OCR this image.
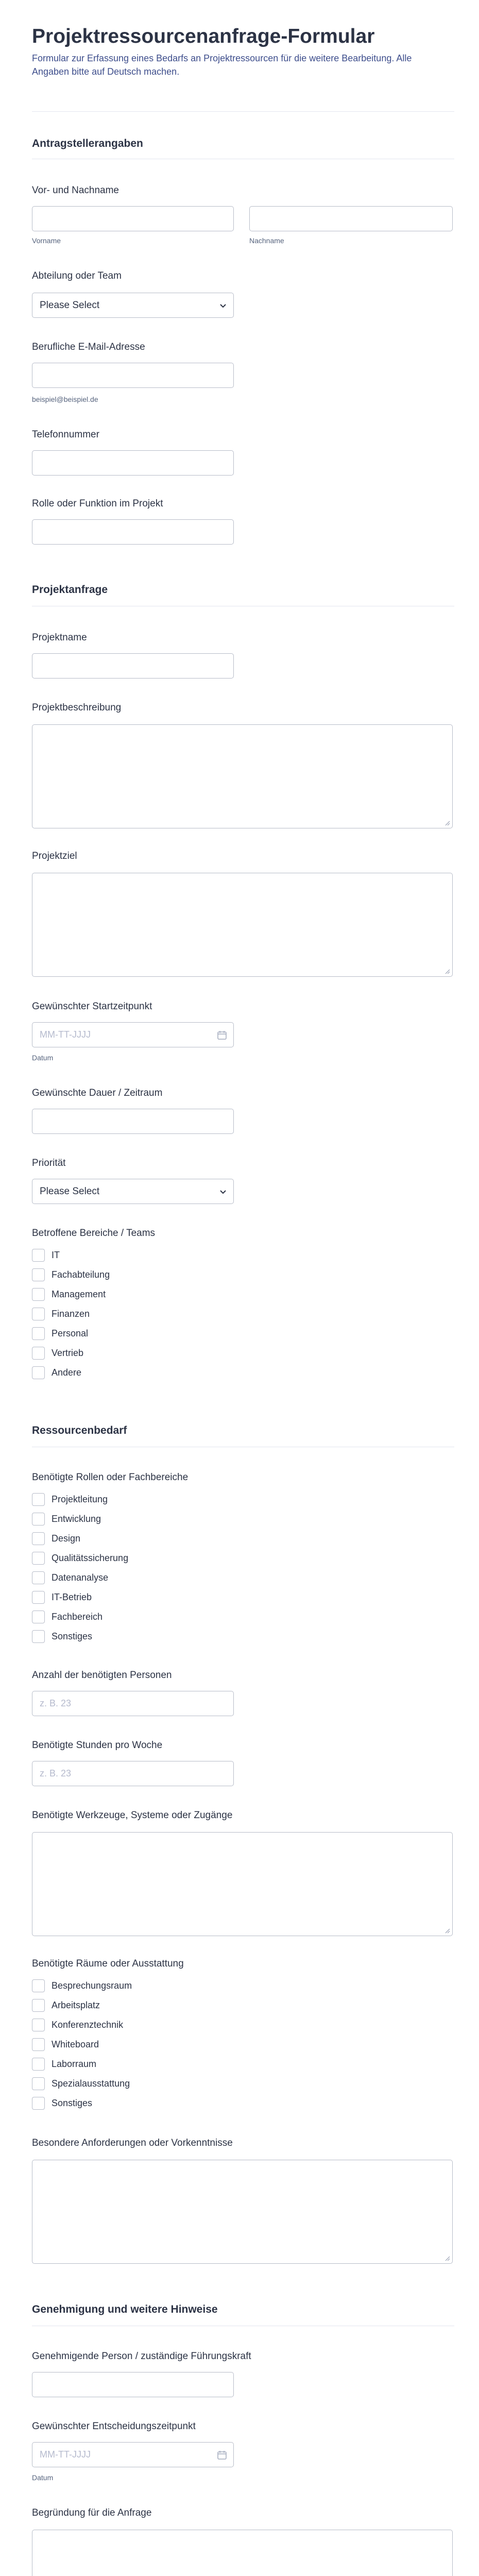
Projektressourcenanfrage-Formular
Formular zur Erfassung eines Bedarfs an Projektressourcen für die weitere Bearbeitung. Alle Angaben bitte auf Deutsch machen.
Antragstellerangaben
Vor- und Nachname
Vorname	Nachname
Abteilung oder Team
Please Select
Berufliche E-Mail-Adresse
beispiel@beispiel.de
Telefonnummer
Rolle oder Funktion im Projekt
Projektanfrage
Projektname
Projektbeschreibung
Projektziel
Gewünschter Startzeitpunkt
MM-TT-JJJJ
Datum
Gewünschte Dauer / Zeitraum
Priorität
Please Select
Betroffene Bereiche / Teams
IT
Fachabteilung
Management
Finanzen
Personal
Vertrieb
Andere
Ressourcenbedarf
Benötigte Rollen oder Fachbereiche
Projektleitung
Entwicklung
Design
Qualitätssicherung
Datenanalyse
IT-Betrieb
Fachbereich
Sonstiges
Anzahl der benötigten Personen
z. B. 23
Benötigte Stunden pro Woche
z. B. 23
Benötigte Werkzeuge, Systeme oder Zugänge
Benötigte Räume oder Ausstattung
Besprechungsraum
Arbeitsplatz
Konferenztechnik
Whiteboard
Laborraum
Spezialausstattung
Sonstiges
Besondere Anforderungen oder Vorkenntnisse
Genehmigung und weitere Hinweise
Genehmigende Person / zuständige Führungskraft
Gewünschter Entscheidungszeitpunkt
MM-TT-JJJJ
Datum
Begründung für die Anfrage
